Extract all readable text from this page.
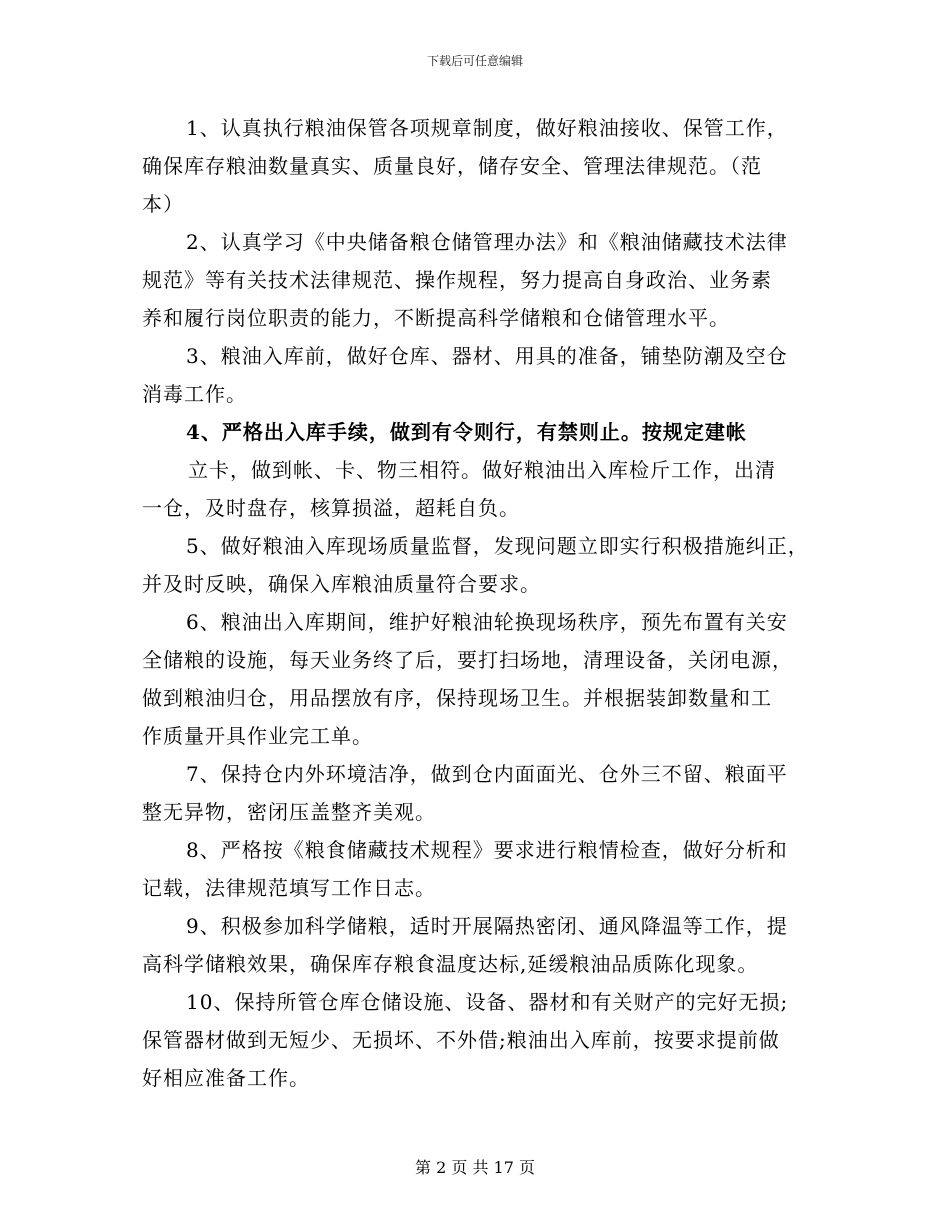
下载后可任意编辑
1、认真执行粮油保管各项规章制度，做好粮油接收、保管工作，
确保库存粮油数量真实、质量良好，储存安全、管理法律规范。（范
本）
2、认真学习《中央储备粮仓储管理办法》和《粮油储藏技术法律
规范》等有关技术法律规范、操作规程，努力提高自身政治、业务素
养和履行岗位职责的能力，不断提高科学储粮和仓储管理水平。
3、粮油入库前，做好仓库、器材、用具的准备，铺垫防潮及空仓
消毒工作。
4、严格出入库手续，做到有令则行，有禁则止。按规定建帐
立卡，做到帐、卡、物三相符。做好粮油出入库检斤工作，出清
一仓，及时盘存，核算损溢，超耗自负。
5、做好粮油入库现场质量监督，发现问题立即实行积极措施纠正，
并及时反映，确保入库粮油质量符合要求。
6、粮油出入库期间，维护好粮油轮换现场秩序，预先布置有关安
全储粮的设施，每天业务终了后，要打扫场地，清理设备，关闭电源，
做到粮油归仓，用品摆放有序，保持现场卫生。并根据装卸数量和工
作质量开具作业完工单。
7、保持仓内外环境洁净，做到仓内面面光、仓外三不留、粮面平
整无异物，密闭压盖整齐美观。
8、严格按《粮食储藏技术规程》要求进行粮情检查，做好分析和
记载，法律规范填写工作日志。
9、积极参加科学储粮，适时开展隔热密闭、通风降温等工作，提
高科学储粮效果，确保库存粮食温度达标,延缓粮油品质陈化现象。
10、保持所管仓库仓储设施、设备、器材和有关财产的完好无损;
保管器材做到无短少、无损坏、不外借;粮油出入库前，按要求提前做
好相应准备工作。
第 2 页 共 17 页
